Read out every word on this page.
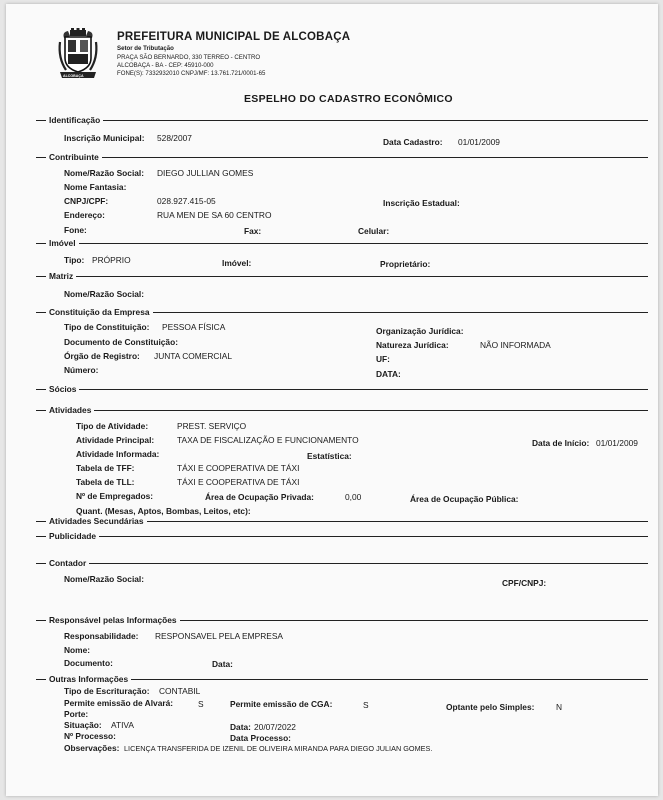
ALCOBAÇA
PREFEITURA MUNICIPAL DE ALCOBAÇA
Setor de Tributação
PRAÇA SÃO BERNARDO, 330 TERREO - CENTRO
ALCOBAÇA - BA - CEP: 45910-000
FONE(S): 7332932010 CNPJ/MF: 13.761.721/0001-65
ESPELHO DO CADASTRO ECONÔMICO
Identificação
Inscrição Municipal: 528/2007	Data Cadastro: 01/01/2009
Contribuinte
Nome/Razão Social: DIEGO JULLIAN GOMES
Nome Fantasia:
CNPJ/CPF:	028.927.415-05	Inscrição Estadual:
Endereço:	RUA MEN DE SA 60 CENTRO
Fone:	Fax:	Celular:
Imóvel
Tipo: PRÓPRIO	Imóvel:	Proprietário:
Matriz
Nome/Razão Social:
Constituição da Empresa
Tipo de Constituição: PESSOA FÍSICA	Organização Jurídica:
Documento de Constituição:	Natureza Jurídica:	NÃO INFORMADA
Órgão de Registro: JUNTA COMERCIAL	UF:
Número:	DATA:
Sócios
Atividades
Tipo de Atividade:	PREST. SERVIÇO
Atividade Principal:	TAXA DE FISCALIZAÇÃO E FUNCIONAMENTO	Data de Início: 01/01/2009
Atividade Informada:	Estatística:
Tabela de TFF:	TÁXI E COOPERATIVA DE TÁXI
Tabela de TLL:	TÁXI E COOPERATIVA DE TÁXI
Nº de Empregados:	Área de Ocupação Privada:	0,00	Área de Ocupação Pública:
Quant. (Mesas, Aptos, Bombas, Leitos, etc):
Atividades Secundárias
Publicidade
Contador
Nome/Razão Social:	CPF/CNPJ:
Responsável pelas Informações
Responsabilidade: RESPONSAVEL PELA EMPRESA
Nome:
Documento:	Data:
Outras Informações
Tipo de Escrituração: CONTABIL
Permite emissão de Alvará:	S	Permite emissão de CGA:	S	Optante pelo Simples:	N
Porte:
Situação: ATIVA	Data: 20/07/2022
Nº Processo:	Data Processo:
Observações: LICENÇA TRANSFERIDA DE IZENIL DE OLIVEIRA MIRANDA PARA DIEGO JULIAN GOMES.
